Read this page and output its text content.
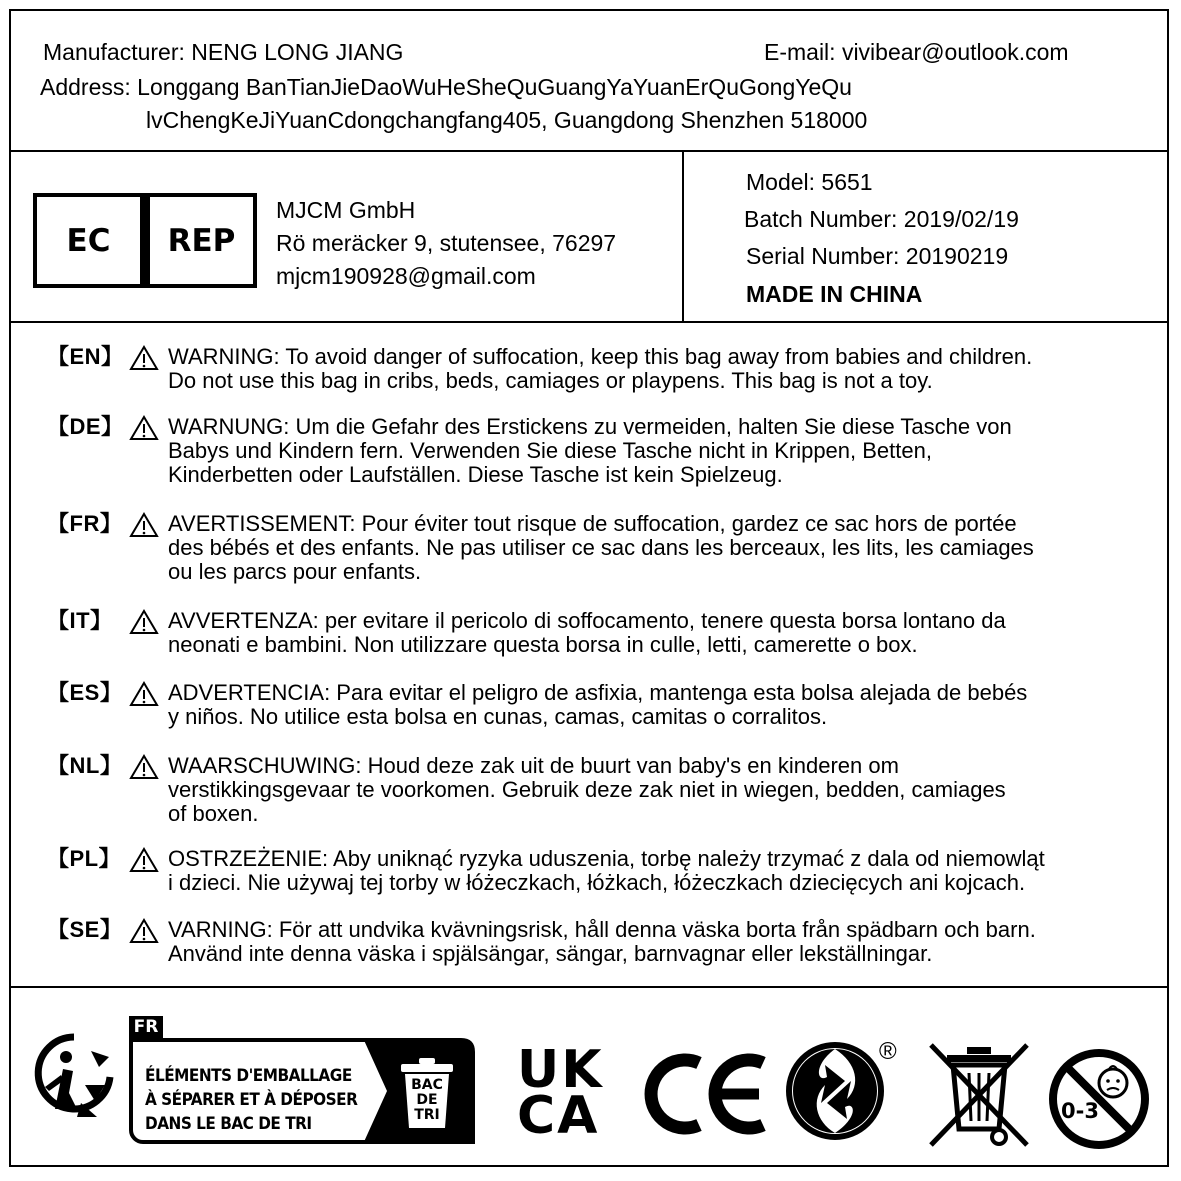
Manufacturer: NENG LONG JIANG	E-mail: vivibear@outlook.com
Address: Longgang BanTianJieDaoWuHeSheQuGuangYaYuanErQuGongYeQu
lvChengKeJiYuanCdongchangfang405, Guangdong Shenzhen 518000
EC	REP
MJCM GmbH
Rö meräcker 9, stutensee, 76297
mjcm190928@gmail.com
Model: 5651
Batch Number: 2019/02/19
Serial Number: 20190219
MADE IN CHINA
【EN】 WARNING: To avoid danger of suffocation, keep this bag away from babies and children.
Do not use this bag in cribs, beds, camiages or playpens. This bag is not a toy.
【DE】 WARNUNG: Um die Gefahr des Erstickens zu vermeiden, halten Sie diese Tasche von
Babys und Kindern fern. Verwenden Sie diese Tasche nicht in Krippen, Betten,
Kinderbetten oder Laufställen. Diese Tasche ist kein Spielzeug.
【FR】 AVERTISSEMENT: Pour éviter tout risque de suffocation, gardez ce sac hors de portée
des bébés et des enfants. Ne pas utiliser ce sac dans les berceaux, les lits, les camiages
ou les parcs pour enfants.
【IT】	AVVERTENZA: per evitare il pericolo di soffocamento, tenere questa borsa lontano da
neonati e bambini. Non utilizzare questa borsa in culle, letti, camerette o box.
【ES】 ADVERTENCIA: Para evitar el peligro de asfixia, mantenga esta bolsa alejada de bebés
y niños. No utilice esta bolsa en cunas, camas, camitas o corralitos.
【NL】 WAARSCHUWING: Houd deze zak uit de buurt van baby's en kinderen om
verstikkingsgevaar te voorkomen. Gebruik deze zak niet in wiegen, bedden, camiages
of boxen.
【PL】 OSTRZEŻENIE: Aby uniknąć ryzyka uduszenia, torbę należy trzymać z dala od niemowląt
i dzieci. Nie używaj tej torby w łóżeczkach, łóżkach, łóżeczkach dziecięcych ani kojcach.
【SE】 VARNING: För att undvika kvävningsrisk, håll denna väska borta från spädbarn och barn.
Använd inte denna väska i spjälsängar, sängar, barnvagnar eller lekställningar.
FR
ÉLÉMENTS D'EMBALLAGE
À SÉPARER ET À DÉPOSER
DANS LE BAC DE TRI
BAC
DE
TRI
UK
CA
®
0-3
